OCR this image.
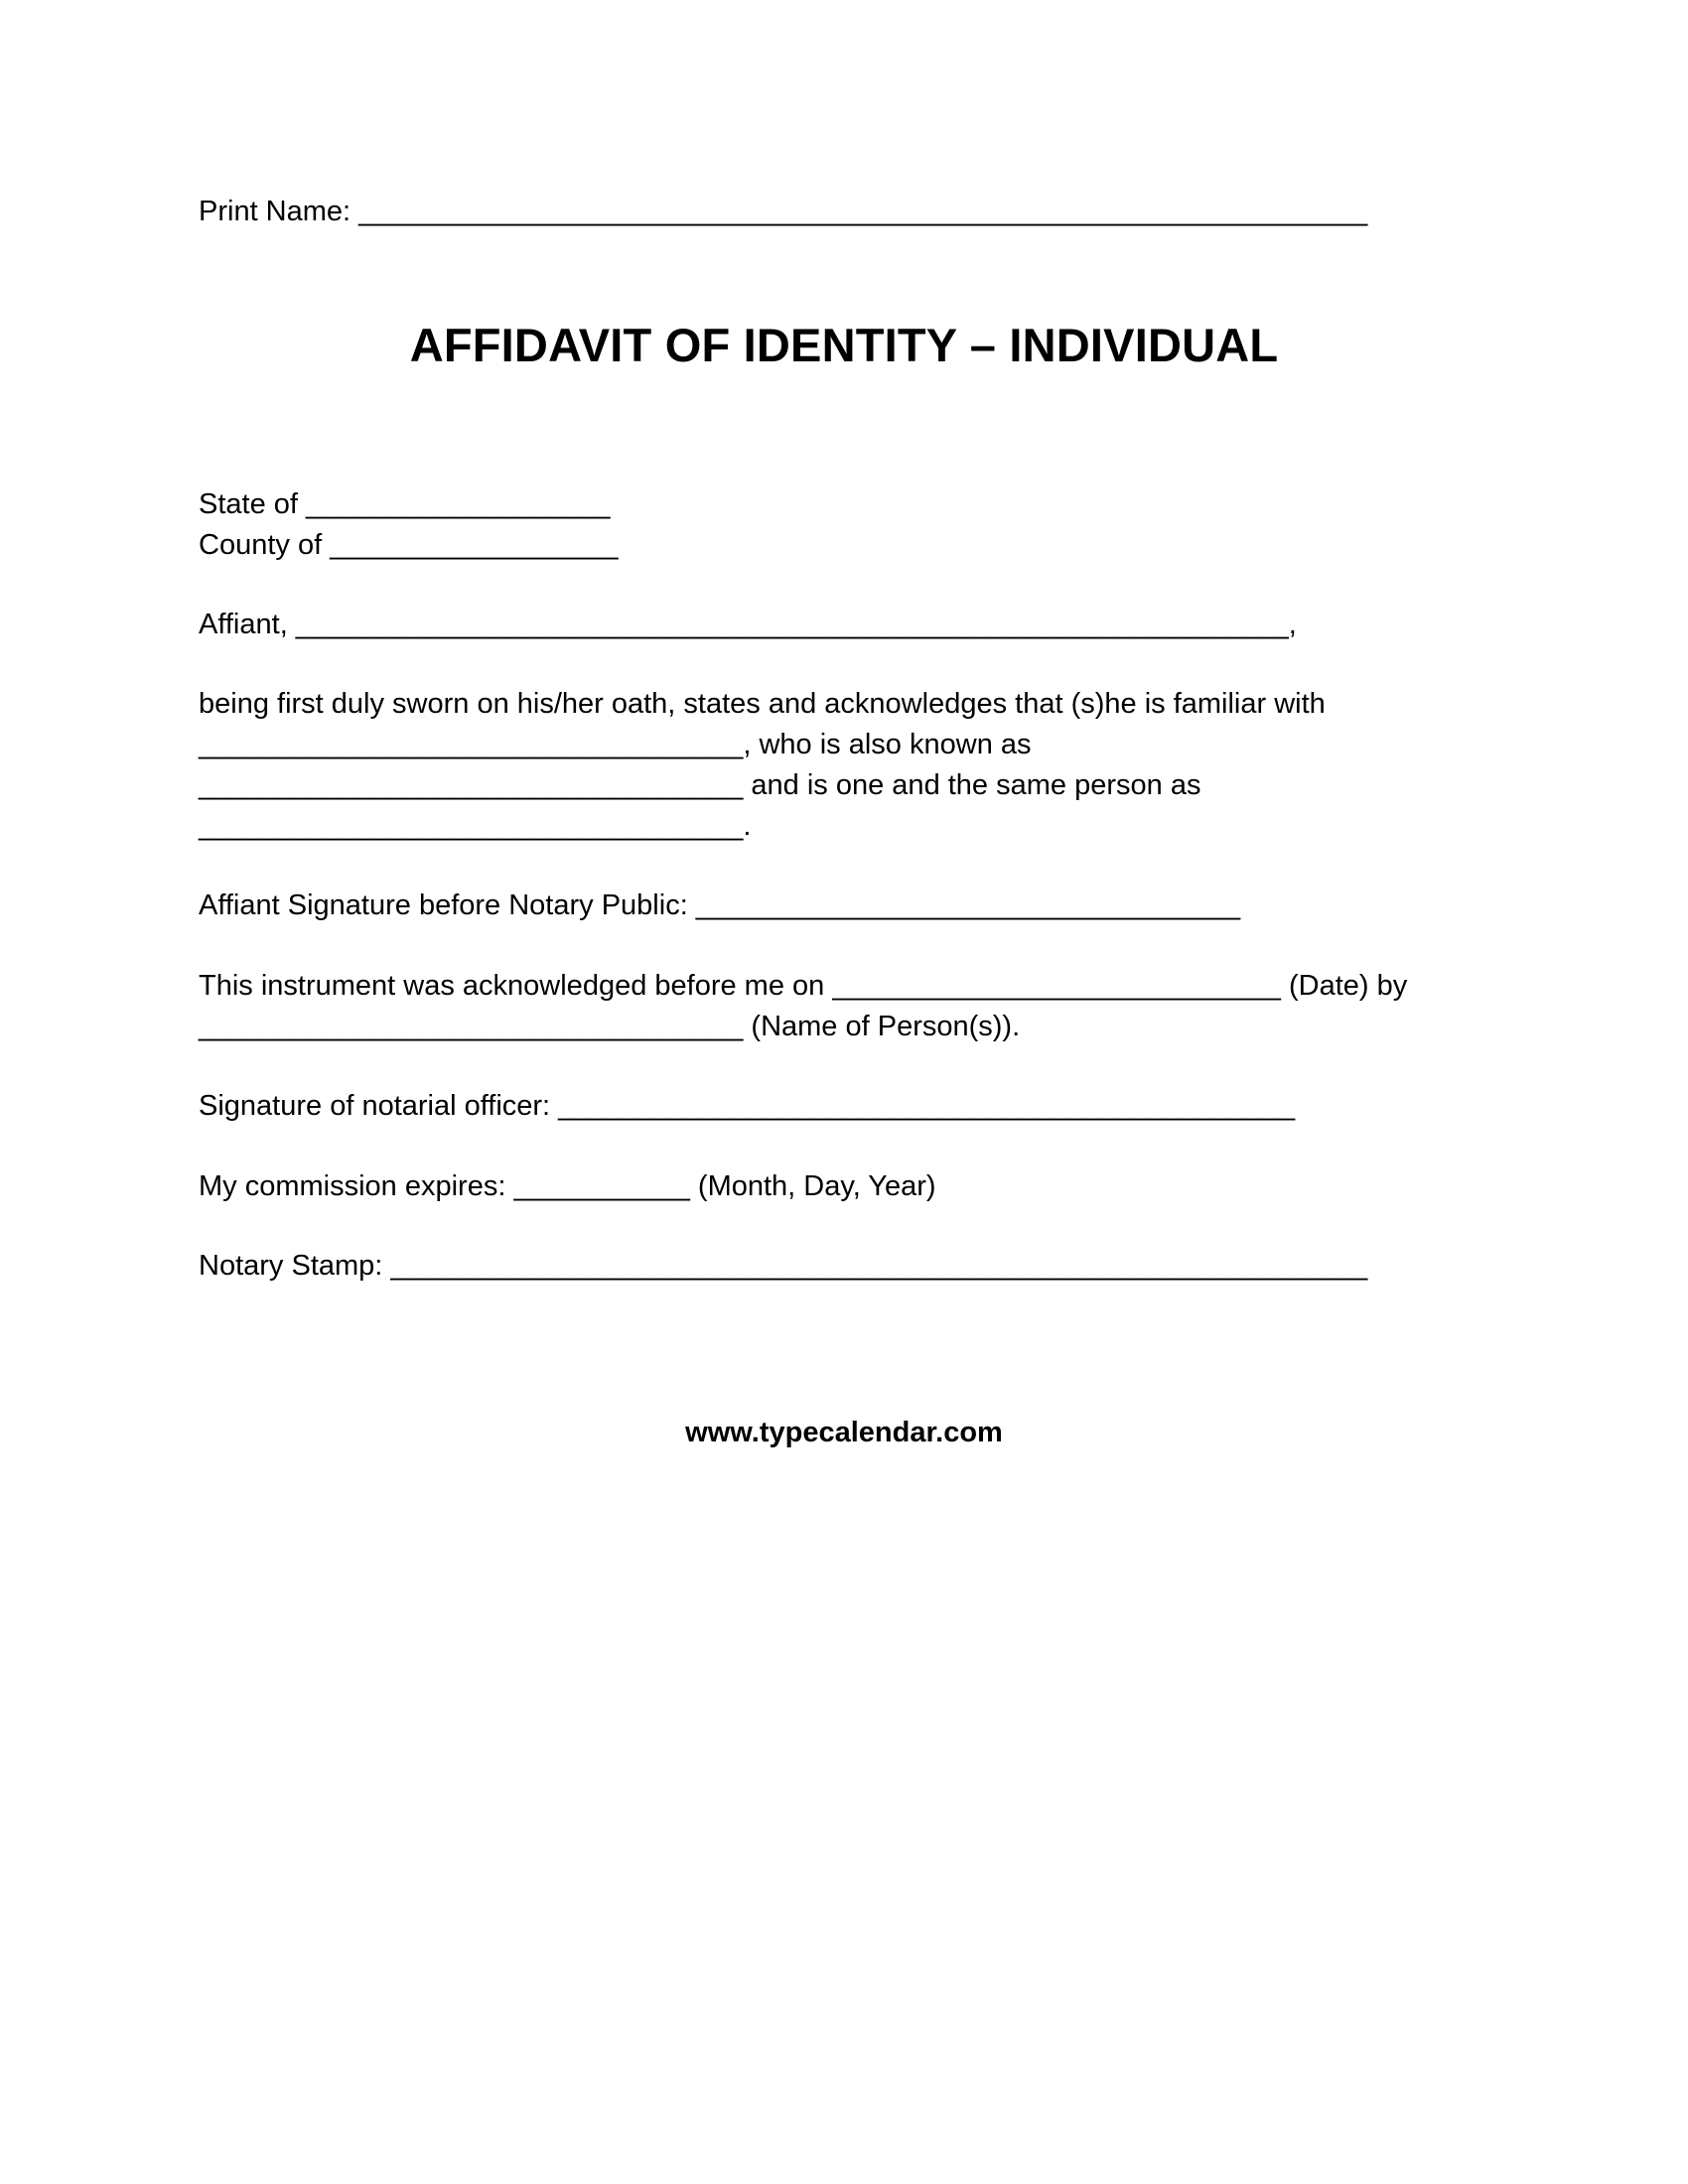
Print Name: _______________________________________________________________
AFFIDAVIT OF IDENTITY – INDIVIDUAL
State of ___________________
County of __________________
Affiant, ______________________________________________________________,
being first duly sworn on his/her oath, states and acknowledges that (s)he is familiar with
__________________________________, who is also known as
__________________________________ and is one and the same person as
__________________________________.
Affiant Signature before Notary Public: __________________________________
This instrument was acknowledged before me on ____________________________ (Date) by
__________________________________ (Name of Person(s)).
Signature of notarial officer: ______________________________________________
My commission expires: ___________ (Month, Day, Year)
Notary Stamp: _____________________________________________________________
www.typecalendar.com
